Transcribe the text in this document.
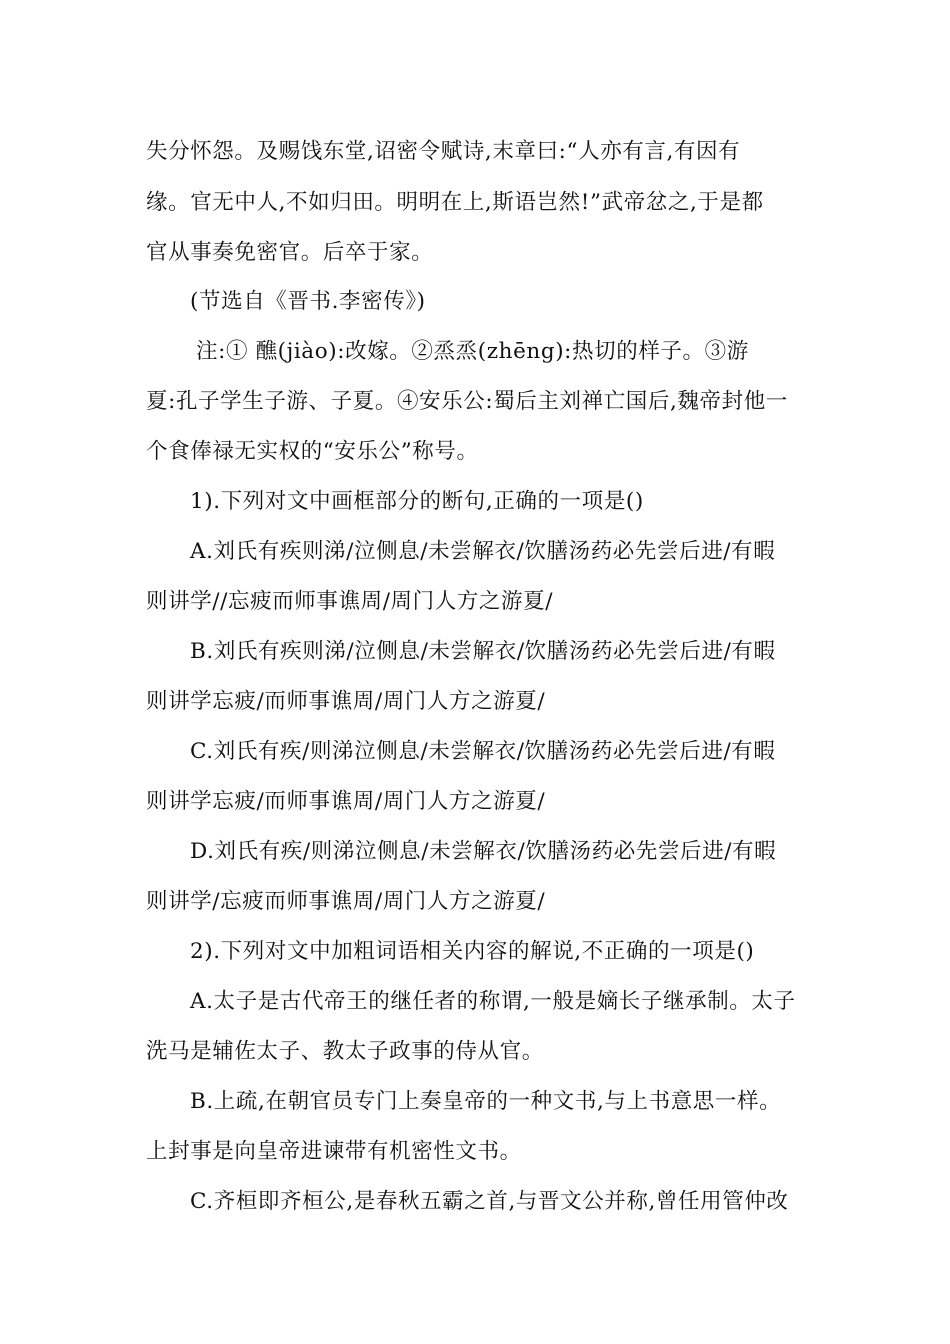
失分怀怨。及赐饯东堂,诏密令赋诗,末章曰:“人亦有言,有因有
缘。官无中人,不如归田。明明在上,斯语岂然!”武帝忿之,于是都
官从事奏免密官。后卒于家。
(节选自《晋书.李密传》)
注:① 醮(jiào):改嫁。②烝烝(zhēng):热切的样子。③游
夏:孔子学生子游、子夏。④安乐公:蜀后主刘禅亡国后,魏帝封他一
个食俸禄无实权的“安乐公”称号。
1).下列对文中画框部分的断句,正确的一项是()
A.刘氏有疾则涕/泣侧息/未尝解衣/饮膳汤药必先尝后进/有暇
则讲学//忘疲而师事谯周/周门人方之游夏/
B.刘氏有疾则涕/泣侧息/未尝解衣/饮膳汤药必先尝后进/有暇
则讲学忘疲/而师事谯周/周门人方之游夏/
C.刘氏有疾/则涕泣侧息/未尝解衣/饮膳汤药必先尝后进/有暇
则讲学忘疲/而师事谯周/周门人方之游夏/
D.刘氏有疾/则涕泣侧息/未尝解衣/饮膳汤药必先尝后进/有暇
则讲学/忘疲而师事谯周/周门人方之游夏/
2).下列对文中加粗词语相关内容的解说,不正确的一项是()
A.太子是古代帝王的继任者的称谓,一般是嫡长子继承制。太子
洗马是辅佐太子、教太子政事的侍从官。
B.上疏,在朝官员专门上奏皇帝的一种文书,与上书意思一样。
上封事是向皇帝进谏带有机密性文书。
C.齐桓即齐桓公,是春秋五霸之首,与晋文公并称,曾任用管仲改
